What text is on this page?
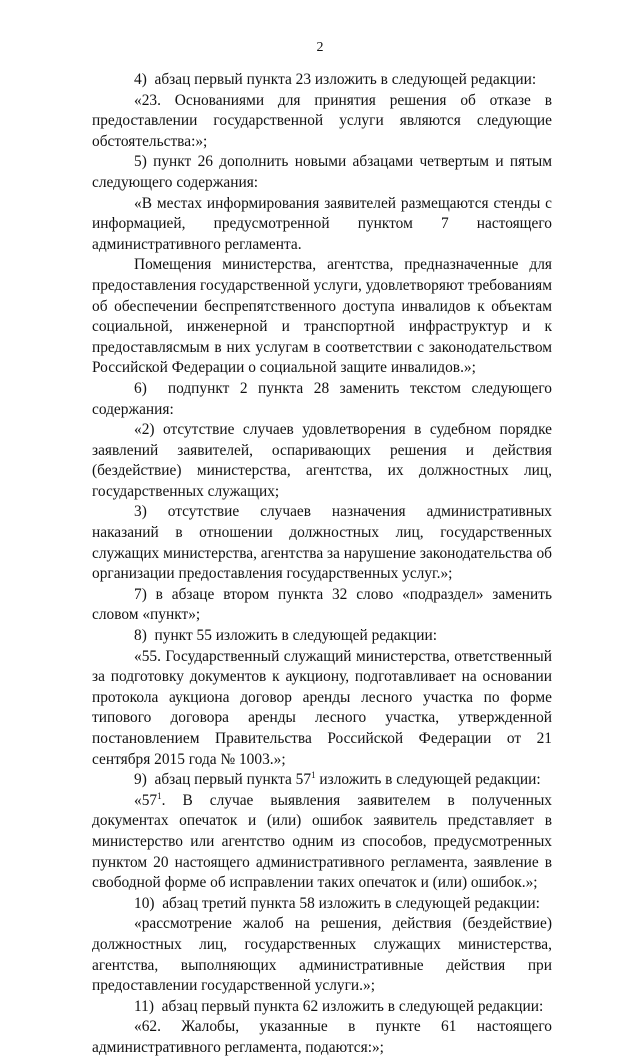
2

4)  абзац первый пункта 23 изложить в следующей редакции:

«23. Основаниями для принятия решения об отказе в предоставлении государственной услуги являются следующие обстоятельства:»;

5) пункт 26 дополнить новыми абзацами четвертым и пятым следующего содержания:

«В местах информирования заявителей размещаются стенды с информацией, предусмотренной пунктом 7 настоящего административного регламента.

Помещения министерства, агентства, предназначенные для предоставления государственной услуги, удовлетворяют требованиям об обеспечении беспрепятственного доступа инвалидов к объектам социальной, инженерной и транспортной инфраструктур и к предоставлясмым в них услугам в соответствии с законодательством Российской Федерации о социальной защите инвалидов.»;

6)  подпункт 2 пункта 28 заменить текстом следующего содержания:

«2) отсутствие случаев удовлетворения в судебном порядке заявлений заявителей, оспаривающих решения и действия (бездействие) министерства, агентства, их должностных лиц, государственных служащих;

3) отсутствие случаев назначения административных наказаний в отношении должностных лиц, государственных служащих министерства, агентства за нарушение законодательства об организации предоставления государственных услуг.»;

7) в абзаце втором пункта 32 слово «подраздел» заменить словом «пункт»;

8)  пункт 55 изложить в следующей редакции:

«55. Государственный служащий министерства, ответственный за подготовку документов к аукциону, подготавливает на основании протокола аукциона договор аренды лесного участка по форме типового договора аренды лесного участка, утвержденной постановлением Правительства Российской Федерации от 21 сентября 2015 года № 1003.»;

9)  абзац первый пункта $57^1$ изложить в следующей редакции:

«$57^1$. В случае выявления заявителем в полученных документах опечаток и (или) ошибок заявитель представляет в министерство или агентство одним из способов, предусмотренных пунктом 20 настоящего административного регламента, заявление в свободной форме об исправлении таких опечаток и (или) ошибок.»;

10)  абзац третий пункта 58 изложить в следующей редакции:

«рассмотрение жалоб на решения, действия (бездействие) должностных лиц, государственных служащих министерства, агентства, выполняющих административные действия при предоставлении государственной услуги.»;

11)  абзац первый пункта 62 изложить в следующей редакции:

«62. Жалобы, указанные в пункте 61 настоящего административного регламента, подаются:»;
